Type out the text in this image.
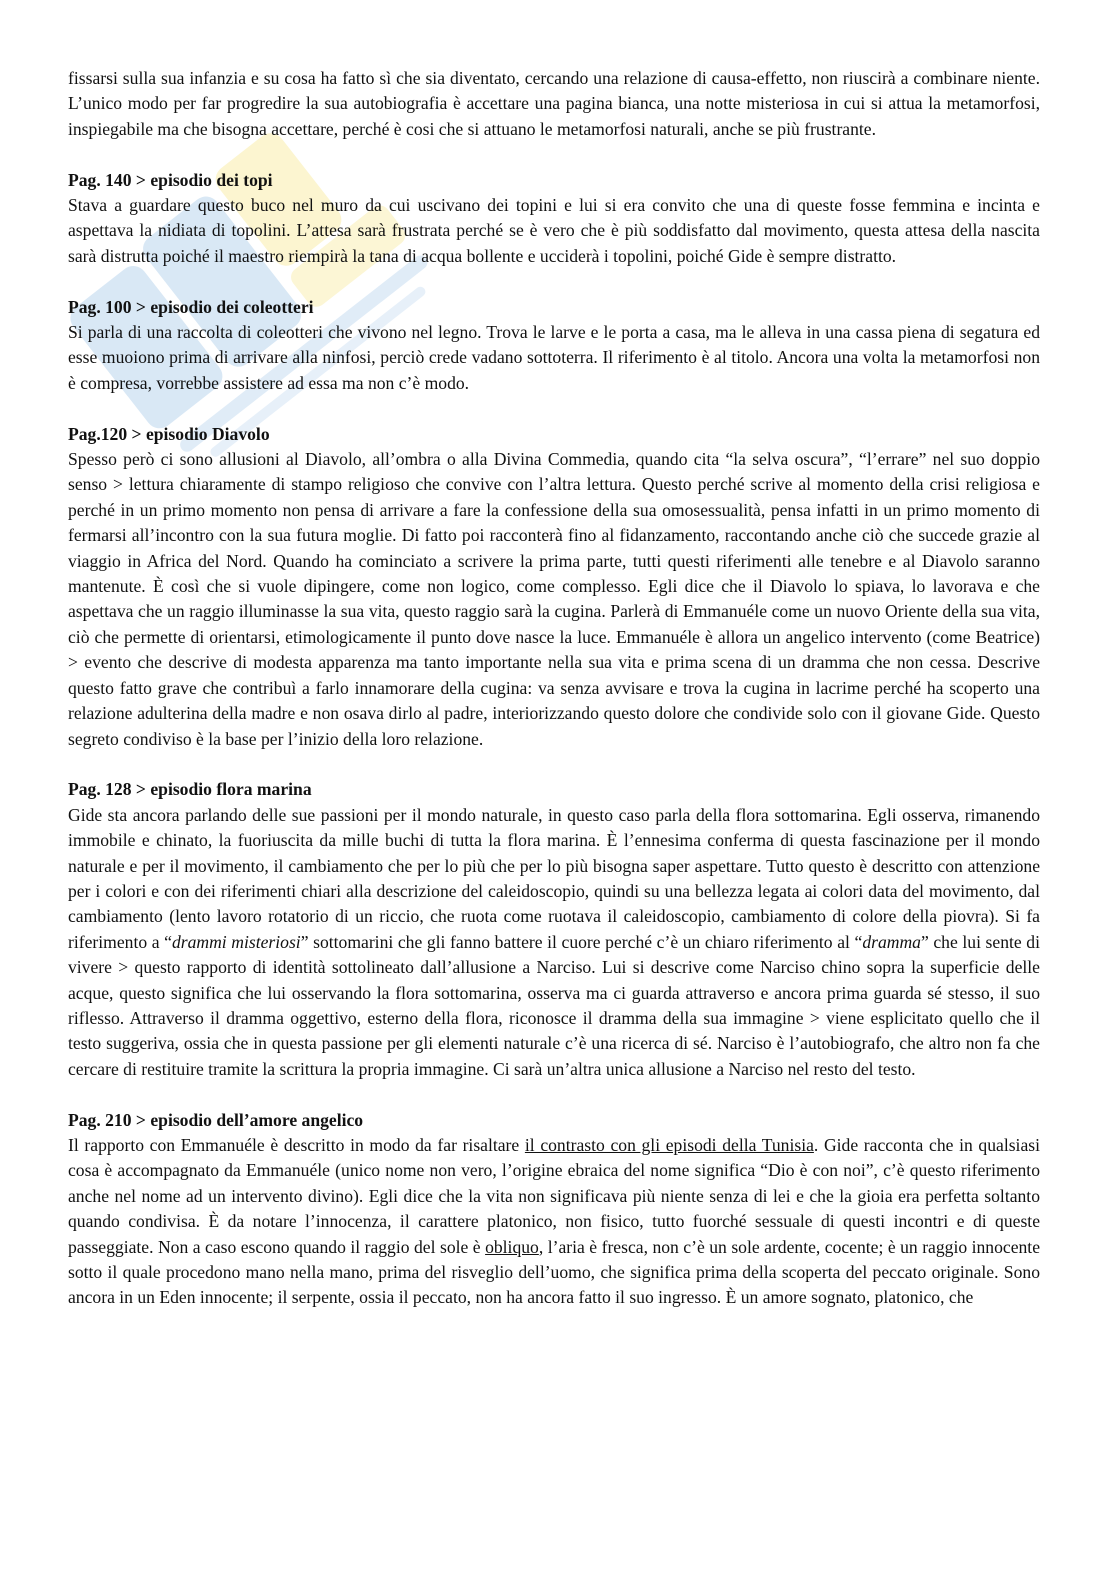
fissarsi sulla sua infanzia e su cosa ha fatto sì che sia diventato, cercando una relazione di causa-effetto, non riuscirà a combinare niente. L’unico modo per far progredire la sua autobiografia è accettare una pagina bianca, una notte misteriosa in cui si attua la metamorfosi, inspiegabile ma che bisogna accettare, perché è cosi che si attuano le metamorfosi naturali, anche se più frustrante.

Pag. 140 > episodio dei topi

Stava a guardare questo buco nel muro da cui uscivano dei topini e lui si era convito che una di queste fosse femmina e incinta e aspettava la nidiata di topolini. L’attesa sarà frustrata perché se è vero che è più soddisfatto dal movimento, questa attesa della nascita sarà distrutta poiché il maestro riempirà la tana di acqua bollente e ucciderà i topolini, poiché Gide è sempre distratto.

Pag. 100 > episodio dei coleotteri

Si parla di una raccolta di coleotteri che vivono nel legno. Trova le larve e le porta a casa, ma le alleva in una cassa piena di segatura ed esse muoiono prima di arrivare alla ninfosi, perciò crede vadano sottoterra. Il riferimento è al titolo. Ancora una volta la metamorfosi non è compresa, vorrebbe assistere ad essa ma non c’è modo.

Pag.120 > episodio Diavolo

Spesso però ci sono allusioni al Diavolo, all’ombra o alla Divina Commedia, quando cita “la selva oscura”, “l’errare” nel suo doppio senso > lettura chiaramente di stampo religioso che convive con l’altra lettura. Questo perché scrive al momento della crisi religiosa e perché in un primo momento non pensa di arrivare a fare la confessione della sua omosessualità, pensa infatti in un primo momento di fermarsi all’incontro con la sua futura moglie. Di fatto poi racconterà fino al fidanzamento, raccontando anche ciò che succede grazie al viaggio in Africa del Nord. Quando ha cominciato a scrivere la prima parte, tutti questi riferimenti alle tenebre e al Diavolo saranno mantenute. È così che si vuole dipingere, come non logico, come complesso. Egli dice che il Diavolo lo spiava, lo lavorava e che aspettava che un raggio illuminasse la sua vita, questo raggio sarà la cugina. Parlerà di Emmanuéle come un nuovo Oriente della sua vita, ciò che permette di orientarsi, etimologicamente il punto dove nasce la luce. Emmanuéle è allora un angelico intervento (come Beatrice) > evento che descrive di modesta apparenza ma tanto importante nella sua vita e prima scena di un dramma che non cessa. Descrive questo fatto grave che contribuì a farlo innamorare della cugina: va senza avvisare e trova la cugina in lacrime perché ha scoperto una relazione adulterina della madre e non osava dirlo al padre, interiorizzando questo dolore che condivide solo con il giovane Gide. Questo segreto condiviso è la base per l’inizio della loro relazione.

Pag. 128 > episodio flora marina

Gide sta ancora parlando delle sue passioni per il mondo naturale, in questo caso parla della flora sottomarina. Egli osserva, rimanendo immobile e chinato, la fuoriuscita da mille buchi di tutta la flora marina. È l’ennesima conferma di questa fascinazione per il mondo naturale e per il movimento, il cambiamento che per lo più che per lo più bisogna saper aspettare. Tutto questo è descritto con attenzione per i colori e con dei riferimenti chiari alla descrizione del caleidoscopio, quindi su una bellezza legata ai colori data del movimento, dal cambiamento (lento lavoro rotatorio di un riccio, che ruota come ruotava il caleidoscopio, cambiamento di colore della piovra). Si fa riferimento a “drammi misteriosi” sottomarini che gli fanno battere il cuore perché c’è un chiaro riferimento al “dramma” che lui sente di vivere > questo rapporto di identità sottolineato dall’allusione a Narciso. Lui si descrive come Narciso chino sopra la superficie delle acque, questo significa che lui osservando la flora sottomarina, osserva ma ci guarda attraverso e ancora prima guarda sé stesso, il suo riflesso. Attraverso il dramma oggettivo, esterno della flora, riconosce il dramma della sua immagine > viene esplicitato quello che il testo suggeriva, ossia che in questa passione per gli elementi naturale c’è una ricerca di sé. Narciso è l’autobiografo, che altro non fa che cercare di restituire tramite la scrittura la propria immagine. Ci sarà un’altra unica allusione a Narciso nel resto del testo.

Pag. 210 > episodio dell’amore angelico

Il rapporto con Emmanuéle è descritto in modo da far risaltare il contrasto con gli episodi della Tunisia. Gide racconta che in qualsiasi cosa è accompagnato da Emmanuéle (unico nome non vero, l’origine ebraica del nome significa “Dio è con noi”, c’è questo riferimento anche nel nome ad un intervento divino). Egli dice che la vita non significava più niente senza di lei e che la gioia era perfetta soltanto quando condivisa. È da notare l’innocenza, il carattere platonico, non fisico, tutto fuorché sessuale di questi incontri e di queste passeggiate. Non a caso escono quando il raggio del sole è obliquo, l’aria è fresca, non c’è un sole ardente, cocente; è un raggio innocente sotto il quale procedono mano nella mano, prima del risveglio dell’uomo, che significa prima della scoperta del peccato originale. Sono ancora in un Eden innocente; il serpente, ossia il peccato, non ha ancora fatto il suo ingresso. È un amore sognato, platonico, che
